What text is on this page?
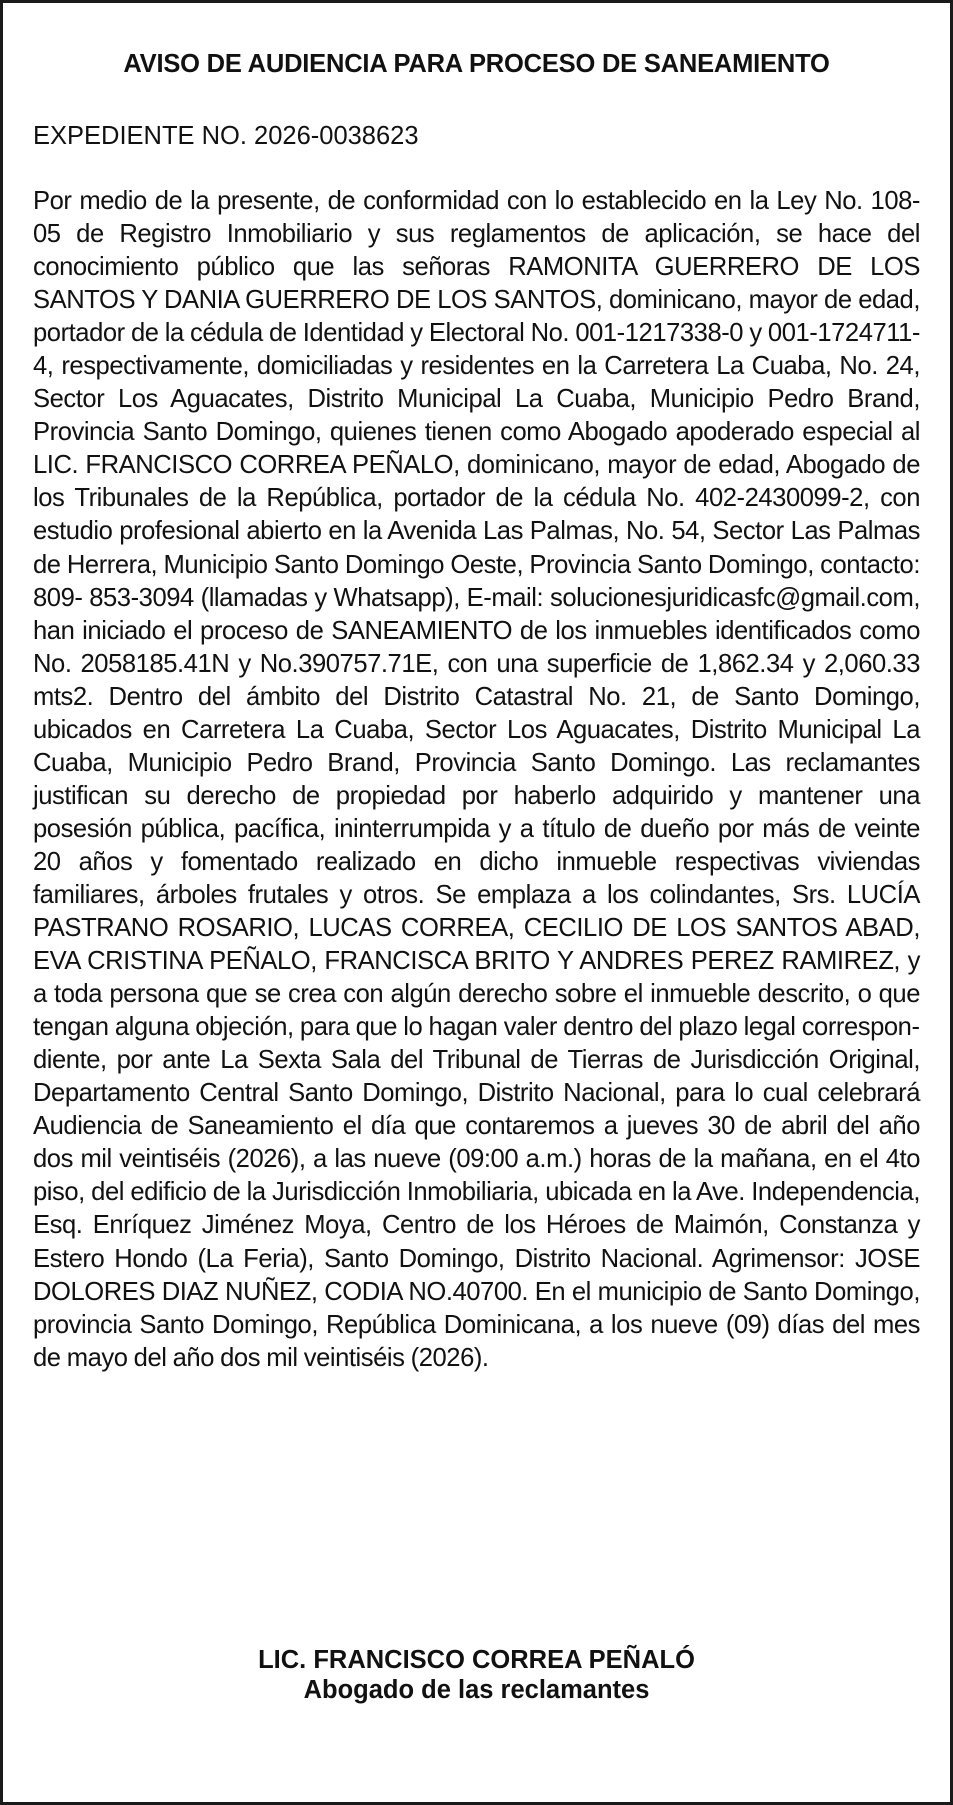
AVISO DE AUDIENCIA PARA PROCESO DE SANEAMIENTO

EXPEDIENTE NO. 2026-0038623

Por medio de la presente, de conformidad con lo establecido en la Ley No. 108-05 de Registro Inmobiliario y sus reglamentos de aplicación, se hace del conocimiento público que las señoras RAMONITA GUERRERO DE LOS SANTOS Y DANIA GUERRERO DE LOS SANTOS, dominicano, mayor de edad, portador de la cédula de Identidad y Electoral No. 001-1217338-0 y 001-1724711-4, respectivamente, domiciliadas y residentes en la Carretera La Cuaba, No. 24, Sector Los Aguacates, Distrito Municipal La Cuaba, Municipio Pedro Brand, Provincia Santo Domingo, quienes tienen como Abogado apoderado especial al LIC. FRANCISCO CORREA PEÑALO, dominicano, mayor de edad, Abogado de los Tribunales de la República, portador de la cédula No. 402-2430099-2, con estudio profesional abierto en la Avenida Las Palmas, No. 54, Sector Las Palmas de Herrera, Municipio Santo Domingo Oeste, Provincia Santo Domingo, contacto: 809- 853-3094 (llamadas y Whatsapp), E-mail: solucionesjuridicasfc@gmail.com, han iniciado el proceso de SANEAMIENTO de los inmuebles identificados como No. 2058185.41N y No.390757.71E, con una superficie de 1,862.34 y 2,060.33 mts2. Dentro del ámbito del Distrito Catastral No. 21, de Santo Domingo, ubicados en Carretera La Cuaba, Sector Los Aguacates, Distrito Municipal La Cuaba, Municipio Pedro Brand, Provincia Santo Domingo. Las reclamantes justifican su derecho de propiedad por haberlo adquirido y mantener una posesión pública, pacífica, ininterrumpida y a título de dueño por más de veinte 20 años y fomentado realizado en dicho inmueble respectivas viviendas familiares, árboles frutales y otros. Se emplaza a los colindantes, Srs. LUCÍA PASTRANO ROSARIO, LUCAS CORREA, CECILIO DE LOS SANTOS ABAD, EVA CRISTINA PEÑALO, FRANCISCA BRITO Y ANDRES PEREZ RAMIREZ, y a toda persona que se crea con algún derecho sobre el inmueble descrito, o que tengan alguna objeción, para que lo hagan valer dentro del plazo legal correspondiente, por ante La Sexta Sala del Tribunal de Tierras de Jurisdicción Original, Departamento Central Santo Domingo, Distrito Nacional, para lo cual celebrará Audiencia de Saneamiento el día que contaremos a jueves 30 de abril del año dos mil veintiséis (2026), a las nueve (09:00 a.m.) horas de la mañana, en el 4to piso, del edificio de la Jurisdicción Inmobiliaria, ubicada en la Ave. Independencia, Esq. Enríquez Jiménez Moya, Centro de los Héroes de Maimón, Constanza y Estero Hondo (La Feria), Santo Domingo, Distrito Nacional. Agrimensor: JOSE DOLORES DIAZ NUÑEZ, CODIA NO.40700. En el municipio de Santo Domingo, provincia Santo Domingo, República Dominicana, a los nueve (09) días del mes de mayo del año dos mil veintiséis (2026).

LIC. FRANCISCO CORREA PEÑALÓ
Abogado de las reclamantes
